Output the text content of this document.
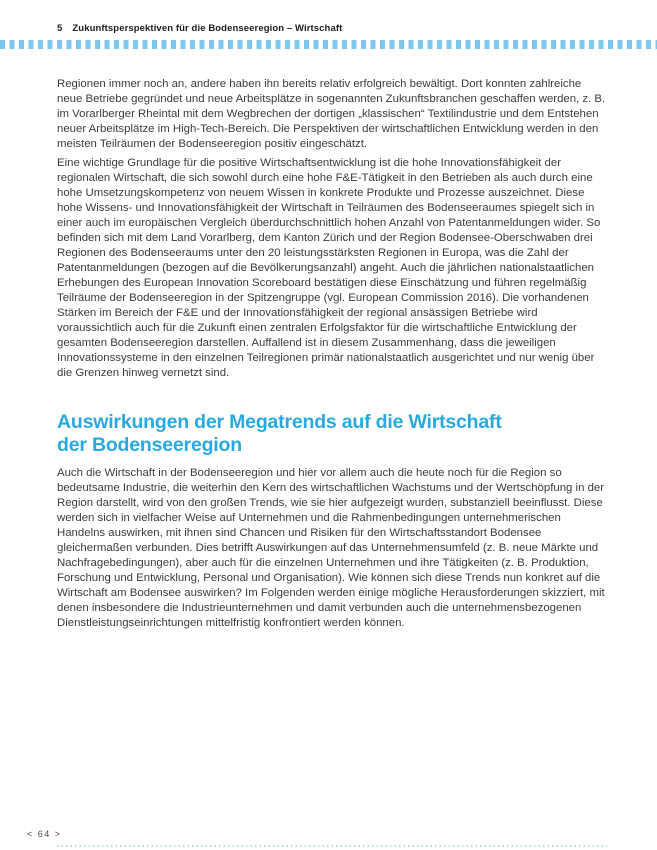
5 Zukunftsperspektiven für die Bodenseeregion – Wirtschaft

Regionen immer noch an, andere haben ihn bereits relativ erfolgreich bewältigt. Dort konnten zahlreiche neue Betriebe gegründet und neue Arbeitsplätze in sogenannten Zukunftsbranchen geschaffen werden, z. B. im Vorarlberger Rheintal mit dem Wegbrechen der dortigen „klassischen“ Textilindustrie und dem Entstehen neuer Arbeitsplätze im High-Tech-Bereich. Die Perspektiven der wirtschaftlichen Entwicklung werden in den meisten Teilräumen der Bodenseeregion positiv eingeschätzt.

Eine wichtige Grundlage für die positive Wirtschaftsentwicklung ist die hohe Innovationsfähigkeit der regionalen Wirtschaft, die sich sowohl durch eine hohe F&E-Tätigkeit in den Betrieben als auch durch eine hohe Umsetzungskompetenz von neuem Wissen in konkrete Produkte und Prozesse auszeichnet. Diese hohe Wissens- und Innovationsfähigkeit der Wirtschaft in Teilräumen des Bodenseeraumes spiegelt sich in einer auch im europäischen Vergleich überdurchschnittlich hohen Anzahl von Patentanmeldungen wider. So befinden sich mit dem Land Vorarlberg, dem Kanton Zürich und der Region Bodensee-Oberschwaben drei Regionen des Bodenseeraums unter den 20 leistungsstärksten Regionen in Europa, was die Zahl der Patentanmeldungen (bezogen auf die Bevölkerungsanzahl) angeht. Auch die jährlichen nationalstaatlichen Erhebungen des European Innovation Scoreboard bestätigen diese Einschätzung und führen regelmäßig Teilräume der Bodenseeregion in der Spitzengruppe (vgl. European Commission 2016). Die vorhandenen Stärken im Bereich der F&E und der Innovationsfähigkeit der regional ansässigen Betriebe wird voraussichtlich auch für die Zukunft einen zentralen Erfolgsfaktor für die wirtschaftliche Entwicklung der gesamten Bodenseeregion darstellen. Auffallend ist in diesem Zusammenhang, dass die jeweiligen Innovationssysteme in den einzelnen Teilregionen primär nationalstaatlich ausgerichtet und nur wenig über die Grenzen hinweg vernetzt sind.

Auswirkungen der Megatrends auf die Wirtschaft
der Bodenseeregion

Auch die Wirtschaft in der Bodenseeregion und hier vor allem auch die heute noch für die Region so bedeutsame Industrie, die weiterhin den Kern des wirtschaftlichen Wachstums und der Wertschöpfung in der Region darstellt, wird von den großen Trends, wie sie hier aufgezeigt wurden, substanziell beeinflusst. Diese werden sich in vielfacher Weise auf Unternehmen und die Rahmenbedingungen unternehmerischen Handelns auswirken, mit ihnen sind Chancen und Risiken für den Wirtschaftsstandort Bodensee gleichermaßen verbunden. Dies betrifft Auswirkungen auf das Unternehmensumfeld (z. B. neue Märkte und Nachfragebedingungen), aber auch für die einzelnen Unternehmen und ihre Tätigkeiten (z. B. Produktion, Forschung und Entwicklung, Personal und Organisation). Wie können sich diese Trends nun konkret auf die Wirtschaft am Bodensee auswirken? Im Folgenden werden einige mögliche Herausforderungen skizziert, mit denen insbesondere die Industrieunternehmen und damit verbunden auch die unternehmensbezogenen Dienstleistungseinrichtungen mittelfristig konfrontiert werden können.

< 64 >
